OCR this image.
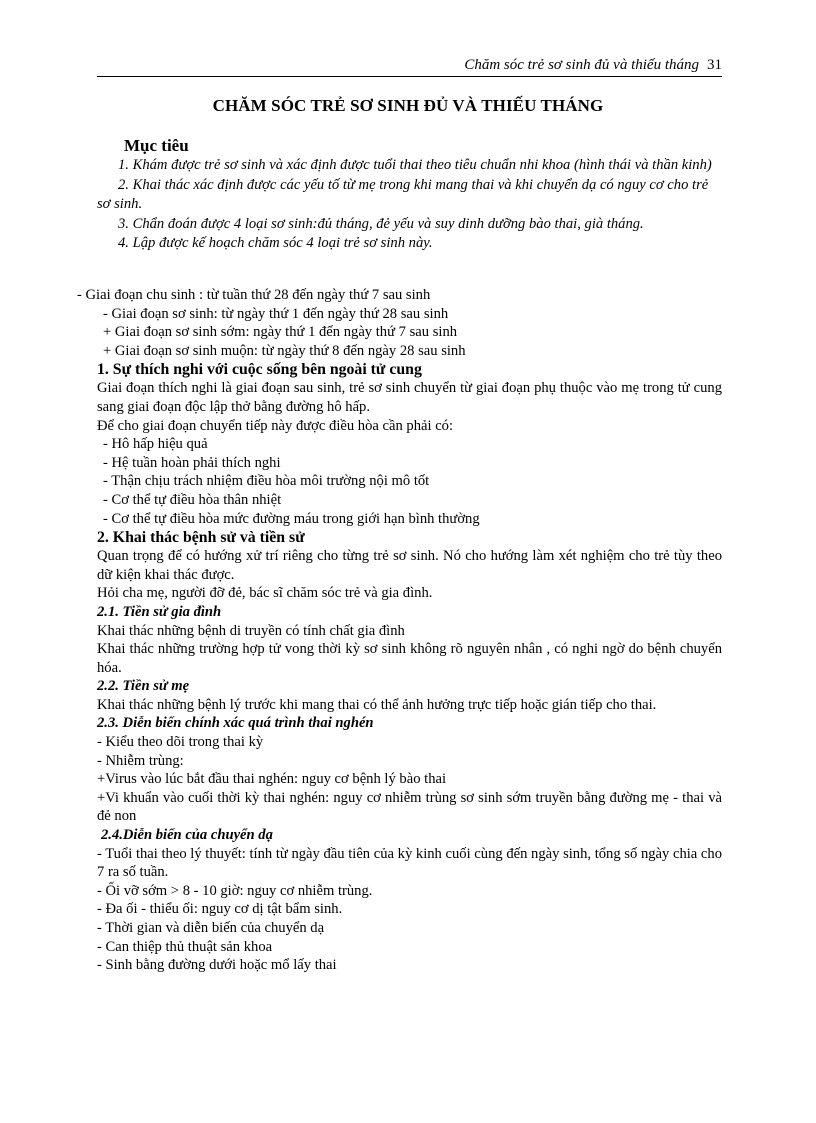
Chăm sóc trẻ sơ sinh đủ và thiếu tháng 31
CHĂM SÓC TRẺ SƠ SINH ĐỦ VÀ THIẾU THÁNG
Mục tiêu

1. Khám được trẻ sơ sinh và xác định được tuổi thai theo tiêu chuẩn nhi khoa (hình thái và thần kinh)

2. Khai thác xác định được các yếu tố từ mẹ trong khi mang thai và khi chuyển dạ có nguy cơ cho trẻ sơ sinh.

3. Chẩn đoán được 4 loại sơ sinh:đủ tháng, đẻ yếu và suy dinh dưỡng bào thai, già tháng.

4. Lập được kế hoạch chăm sóc 4 loại trẻ sơ sinh này.

- Giai đoạn chu sinh : từ tuần thứ 28 đến ngày thứ 7 sau sinh
- Giai đoạn sơ sinh: từ ngày thứ 1 đến ngày thứ 28 sau sinh
+ Giai đoạn sơ sinh sớm: ngày thứ 1 đến ngày thứ 7 sau sinh
+ Giai đoạn sơ sinh muộn: từ ngày thứ 8 đến ngày 28 sau sinh
1. Sự thích nghi với cuộc sống bên ngoài tử cung
Giai đoạn thích nghi là giai đoạn sau sinh, trẻ sơ sinh chuyển từ giai đoạn phụ thuộc vào mẹ trong tử cung sang giai đoạn độc lập thở bằng đường hô hấp.
Để cho giai đoạn chuyển tiếp này được điều hòa cần phải có:
- Hô hấp hiệu quả
- Hệ tuần hoàn phải thích nghi
- Thận chịu trách nhiệm điều hòa môi trường nội mô tốt
- Cơ thể tự điều hòa thân nhiệt
- Cơ thể tự điều hòa mức đường máu trong giới hạn bình thường
2. Khai thác bệnh sử và tiền sử
Quan trọng để có hướng xử trí riêng cho từng trẻ sơ sinh. Nó cho hướng làm xét nghiệm cho trẻ tùy theo dữ kiện khai thác được.
Hỏi cha mẹ, người đỡ đẻ, bác sĩ chăm sóc trẻ và gia đình.
2.1. Tiền sử gia đình
Khai thác những bệnh di truyền có tính chất gia đình
Khai thác những trường hợp tử vong thời kỳ sơ sinh không rõ nguyên nhân , có nghi ngờ do bệnh chuyển hóa.
2.2. Tiền sử mẹ
Khai thác những bệnh lý trước khi mang thai có thể ảnh hưởng trực tiếp hoặc gián tiếp cho thai.
2.3. Diễn biến chính xác quá trình thai nghén
- Kiểu theo dõi trong thai kỳ
- Nhiễm trùng:
+Virus vào lúc bắt đầu thai nghén: nguy cơ bệnh lý bào thai
+Vi khuẩn vào cuối thời kỳ thai nghén: nguy cơ nhiễm trùng sơ sinh sớm truyền bằng đường mẹ - thai và đẻ non
2.4.Diễn biến của chuyển dạ
- Tuổi thai theo lý thuyết: tính từ ngày đầu tiên của kỳ kinh cuối cùng đến ngày sinh, tổng số ngày chia cho 7 ra số tuần.
- Ối vỡ sớm > 8 - 10 giờ: nguy cơ nhiễm trùng.
- Đa ối - thiểu ối: nguy cơ dị tật bẩm sinh.
- Thời gian và diễn biến của chuyển dạ
- Can thiệp thủ thuật sản khoa
- Sinh bằng đường dưới hoặc mổ lấy thai
